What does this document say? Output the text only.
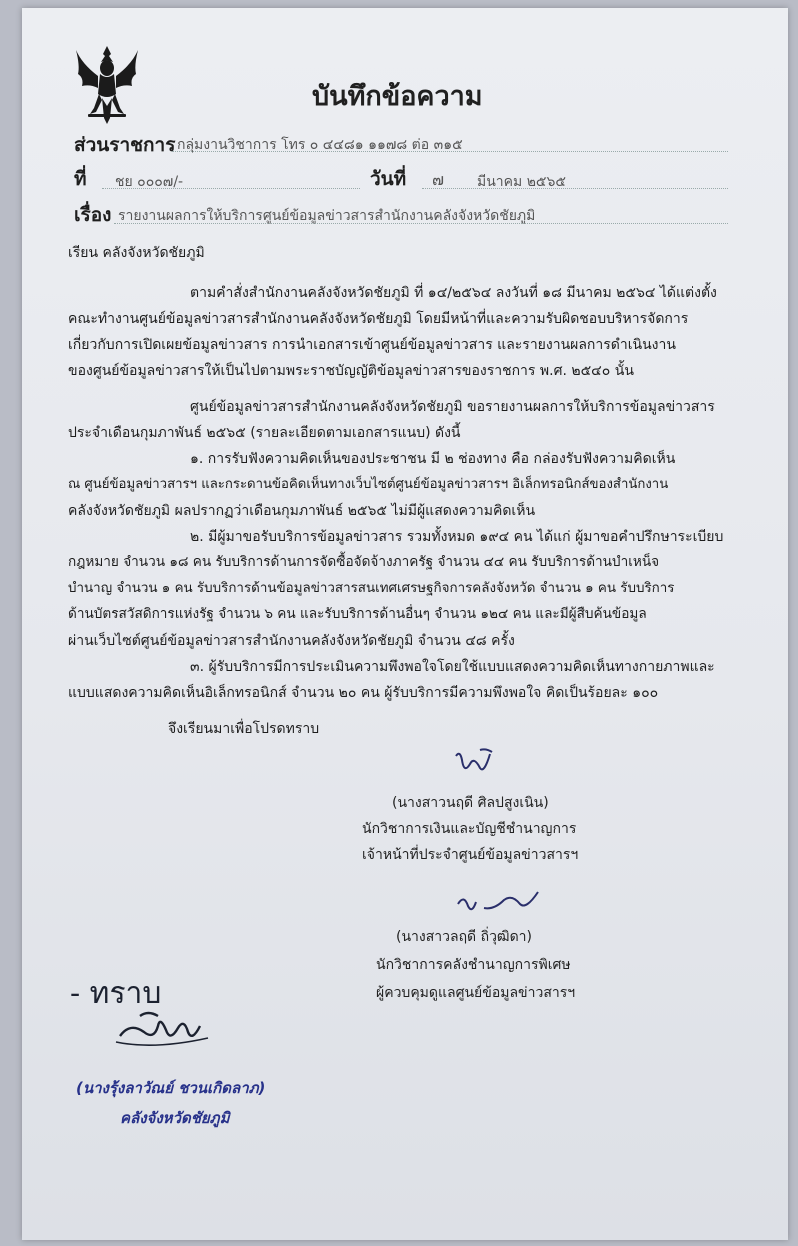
บันทึกข้อความ
ส่วนราชการ กลุ่มงานวิชาการ โทร ๐ ๔๔๘๑ ๑๑๗๘ ต่อ ๓๑๕
ที่ ชย ๐๐๐๗/-	วันที่ ๗ มีนาคม ๒๕๖๕
เรื่อง รายงานผลการให้บริการศูนย์ข้อมูลข่าวสารสำนักงานคลังจังหวัดชัยภูมิ
เรียน คลังจังหวัดชัยภูมิ
ตามคำสั่งสำนักงานคลังจังหวัดชัยภูมิ ที่ ๑๔/๒๕๖๔ ลงวันที่ ๑๘ มีนาคม ๒๕๖๔ ได้แต่งตั้ง
คณะทำงานศูนย์ข้อมูลข่าวสารสำนักงานคลังจังหวัดชัยภูมิ โดยมีหน้าที่และความรับผิดชอบบริหารจัดการ
เกี่ยวกับการเปิดเผยข้อมูลข่าวสาร การนำเอกสารเข้าศูนย์ข้อมูลข่าวสาร และรายงานผลการดำเนินงาน
ของศูนย์ข้อมูลข่าวสารให้เป็นไปตามพระราชบัญญัติข้อมูลข่าวสารของราชการ พ.ศ. ๒๕๔๐ นั้น
ศูนย์ข้อมูลข่าวสารสำนักงานคลังจังหวัดชัยภูมิ ขอรายงานผลการให้บริการข้อมูลข่าวสาร
ประจำเดือนกุมภาพันธ์ ๒๕๖๕ (รายละเอียดตามเอกสารแนบ) ดังนี้
๑. การรับฟังความคิดเห็นของประชาชน มี ๒ ช่องทาง คือ กล่องรับฟังความคิดเห็น
ณ ศูนย์ข้อมูลข่าวสารฯ และกระดานข้อคิดเห็นทางเว็บไซต์ศูนย์ข้อมูลข่าวสารฯ อิเล็กทรอนิกส์ของสำนักงาน
คลังจังหวัดชัยภูมิ ผลปรากฏว่าเดือนกุมภาพันธ์ ๒๕๖๕ ไม่มีผู้แสดงความคิดเห็น
๒. มีผู้มาขอรับบริการข้อมูลข่าวสาร รวมทั้งหมด ๑๙๔ คน ได้แก่ ผู้มาขอคำปรึกษาระเบียบ
กฎหมาย จำนวน ๑๘ คน รับบริการด้านการจัดซื้อจัดจ้างภาครัฐ จำนวน ๔๔ คน รับบริการด้านบำเหน็จ
บำนาญ จำนวน ๑ คน รับบริการด้านข้อมูลข่าวสารสนเทศเศรษฐกิจการคลังจังหวัด จำนวน ๑ คน รับบริการ
ด้านบัตรสวัสดิการแห่งรัฐ จำนวน ๖ คน และรับบริการด้านอื่นๆ จำนวน ๑๒๔ คน และมีผู้สืบค้นข้อมูล
ผ่านเว็บไซต์ศูนย์ข้อมูลข่าวสารสำนักงานคลังจังหวัดชัยภูมิ จำนวน ๔๘ ครั้ง
๓. ผู้รับบริการมีการประเมินความพึงพอใจโดยใช้แบบแสดงความคิดเห็นทางกายภาพและ
แบบแสดงความคิดเห็นอิเล็กทรอนิกส์ จำนวน ๒๐ คน ผู้รับบริการมีความพึงพอใจ คิดเป็นร้อยละ ๑๐๐
จึงเรียนมาเพื่อโปรดทราบ
(นางสาวนฤดี ศิลปสูงเนิน)
นักวิชาการเงินและบัญชีชำนาญการ
เจ้าหน้าที่ประจำศูนย์ข้อมูลข่าวสารฯ
(นางสาวลฤดี ถิ่วุฒิดา)
นักวิชาการคลังชำนาญการพิเศษ
ผู้ควบคุมดูแลศูนย์ข้อมูลข่าวสารฯ
- ทราบ
(นางรุ้งลาวัณย์ ชวนเกิดลาภ)
คลังจังหวัดชัยภูมิ
